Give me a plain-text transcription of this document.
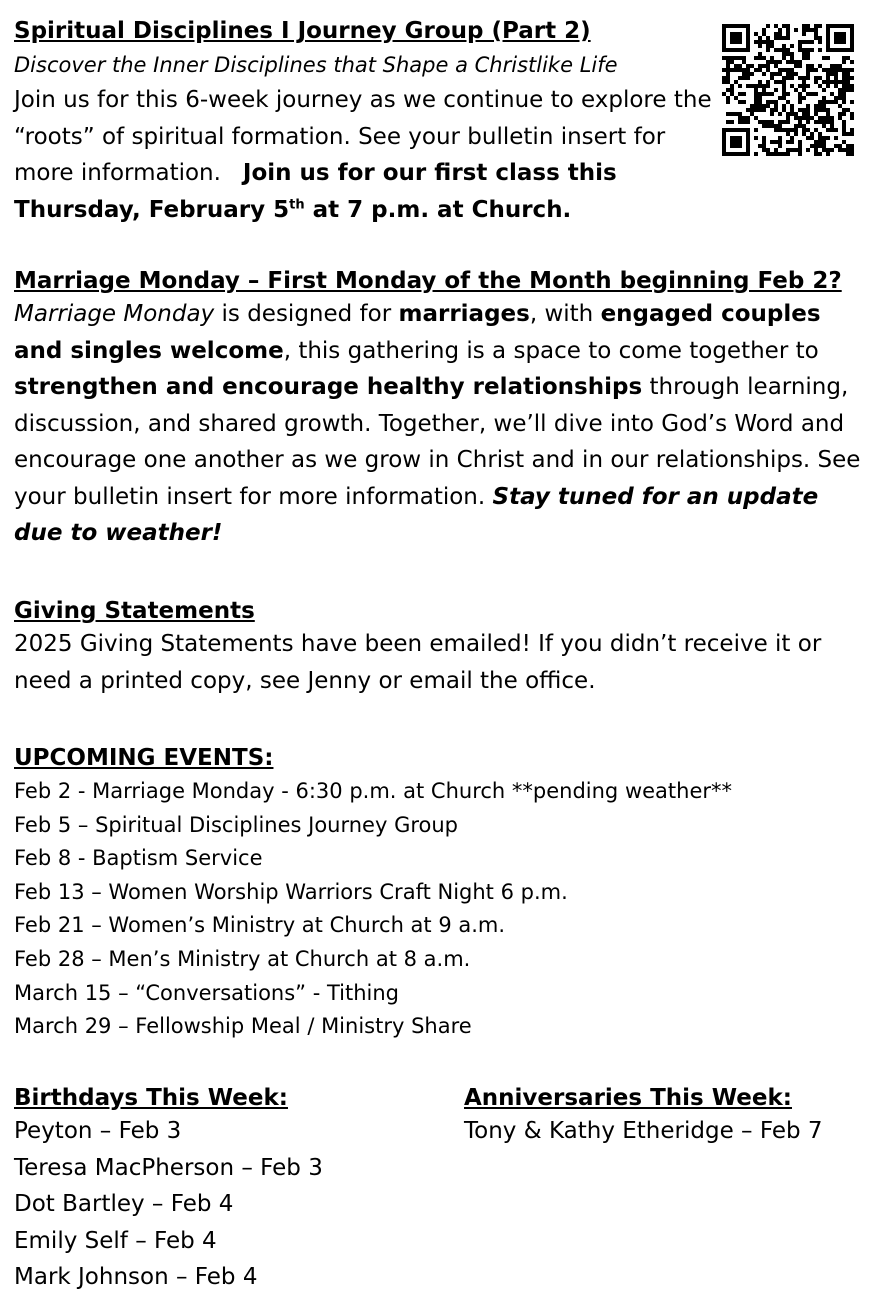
Spiritual Disciplines I Journey Group (Part 2)
Discover the Inner Disciplines that Shape a Christlike Life
Join us for this 6-week journey as we continue to explore the “roots” of spiritual formation. See your bulletin insert for more information. Join us for our first class this Thursday, February 5th at 7 p.m. at Church.
Marriage Monday – First Monday of the Month beginning Feb 2?
Marriage Monday is designed for marriages, with engaged couples and singles welcome, this gathering is a space to come together to strengthen and encourage healthy relationships through learning, discussion, and shared growth. Together, we’ll dive into God’s Word and encourage one another as we grow in Christ and in our relationships. See your bulletin insert for more information. Stay tuned for an update due to weather!
Giving Statements
2025 Giving Statements have been emailed! If you didn’t receive it or need a printed copy, see Jenny or email the office.
UPCOMING EVENTS:
Feb 2 - Marriage Monday - 6:30 p.m. at Church **pending weather**
Feb 5 – Spiritual Disciplines Journey Group
Feb 8 - Baptism Service
Feb 13 – Women Worship Warriors Craft Night 6 p.m.
Feb 21 – Women’s Ministry at Church at 9 a.m.
Feb 28 – Men’s Ministry at Church at 8 a.m.
March 15 – “Conversations” - Tithing
March 29 – Fellowship Meal / Ministry Share
Birthdays This Week:
Peyton – Feb 3
Teresa MacPherson – Feb 3
Dot Bartley – Feb 4
Emily Self – Feb 4
Mark Johnson – Feb 4
Anniversaries This Week:
Tony & Kathy Etheridge – Feb 7
